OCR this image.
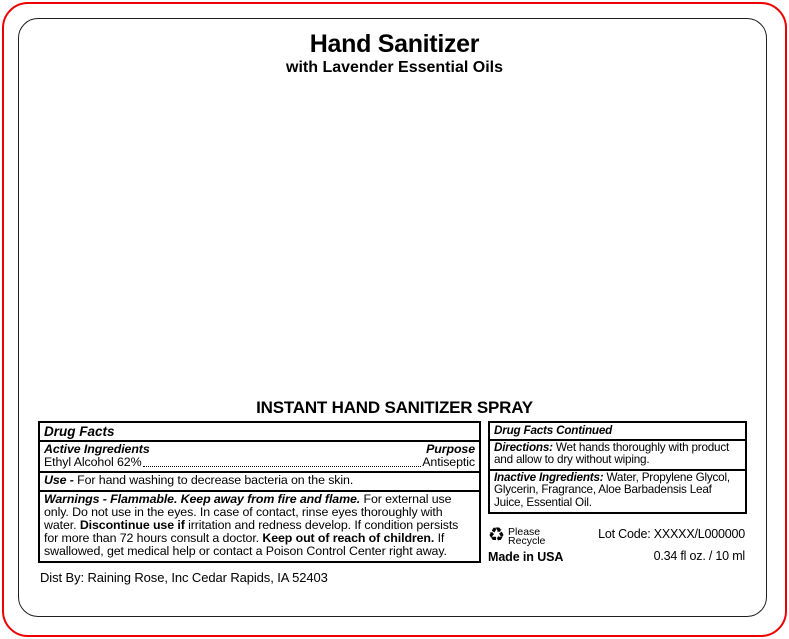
Hand Sanitizer
with Lavender Essential Oils
INSTANT HAND SANITIZER SPRAY
Drug Facts
Active Ingredients	Purpose
Ethyl Alcohol 62%	Antiseptic
Use - For hand washing to decrease bacteria on the skin.
Warnings - Flammable. Keep away from fire and flame. For external use only. Do not use in the eyes. In case of contact, rinse eyes thoroughly with water. Discontinue use if irritation and redness develop. If condition persists for more than 72 hours consult a doctor. Keep out of reach of children. If swallowed, get medical help or contact a Poison Control Center right away.
Drug Facts Continued
Directions: Wet hands thoroughly with product and allow to dry without wiping.
Inactive Ingredients: Water, Propylene Glycol, Glycerin, Fragrance, Aloe Barbadensis Leaf Juice, Essential Oil.
♻ Please
Recycle
Made in USA
Lot Code: XXXXX/L000000
0.34 fl oz. / 10 ml
Dist By: Raining Rose, Inc Cedar Rapids, IA 52403
